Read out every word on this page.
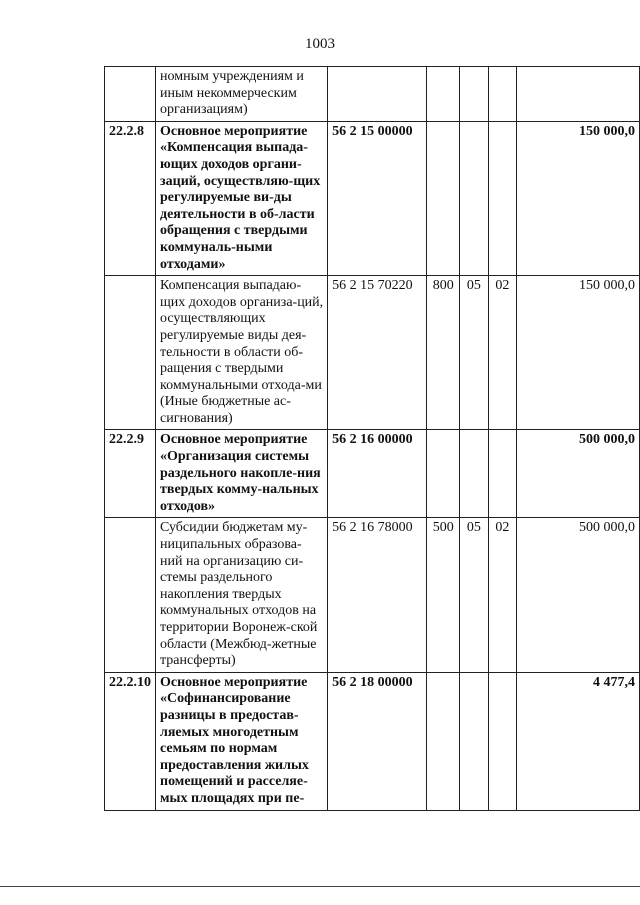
1003
	номным учреждениям и иным некоммерческим организациям)					
22.2.8	Основное мероприятие «Компенсация выпада-ющих доходов органи-заций, осуществляю-щих регулируемые ви-ды деятельности в об-ласти обращения с твердыми коммуналь-ными отходами»	56 2 15 00000				150 000,0
	Компенсация выпадаю-щих доходов организа-ций, осуществляющих регулируемые виды дея-тельности в области об-ращения с твердыми коммунальными отхода-ми (Иные бюджетные ас-сигнования)	56 2 15 70220	800	05	02	150 000,0
22.2.9	Основное мероприятие «Организация системы раздельного накопле-ния твердых комму-нальных отходов»	56 2 16 00000				500 000,0
	Субсидии бюджетам му-ниципальных образова-ний на организацию си-стемы раздельного накопления твердых коммунальных отходов на территории Воронеж-ской области (Межбюд-жетные трансферты)	56 2 16 78000	500	05	02	500 000,0
22.2.10	Основное мероприятие «Софинансирование разницы в предостав-ляемых многодетным семьям по нормам предоставления жилых помещений и расселяе-мых площадях при пе-	56 2 18 00000				4 477,4
